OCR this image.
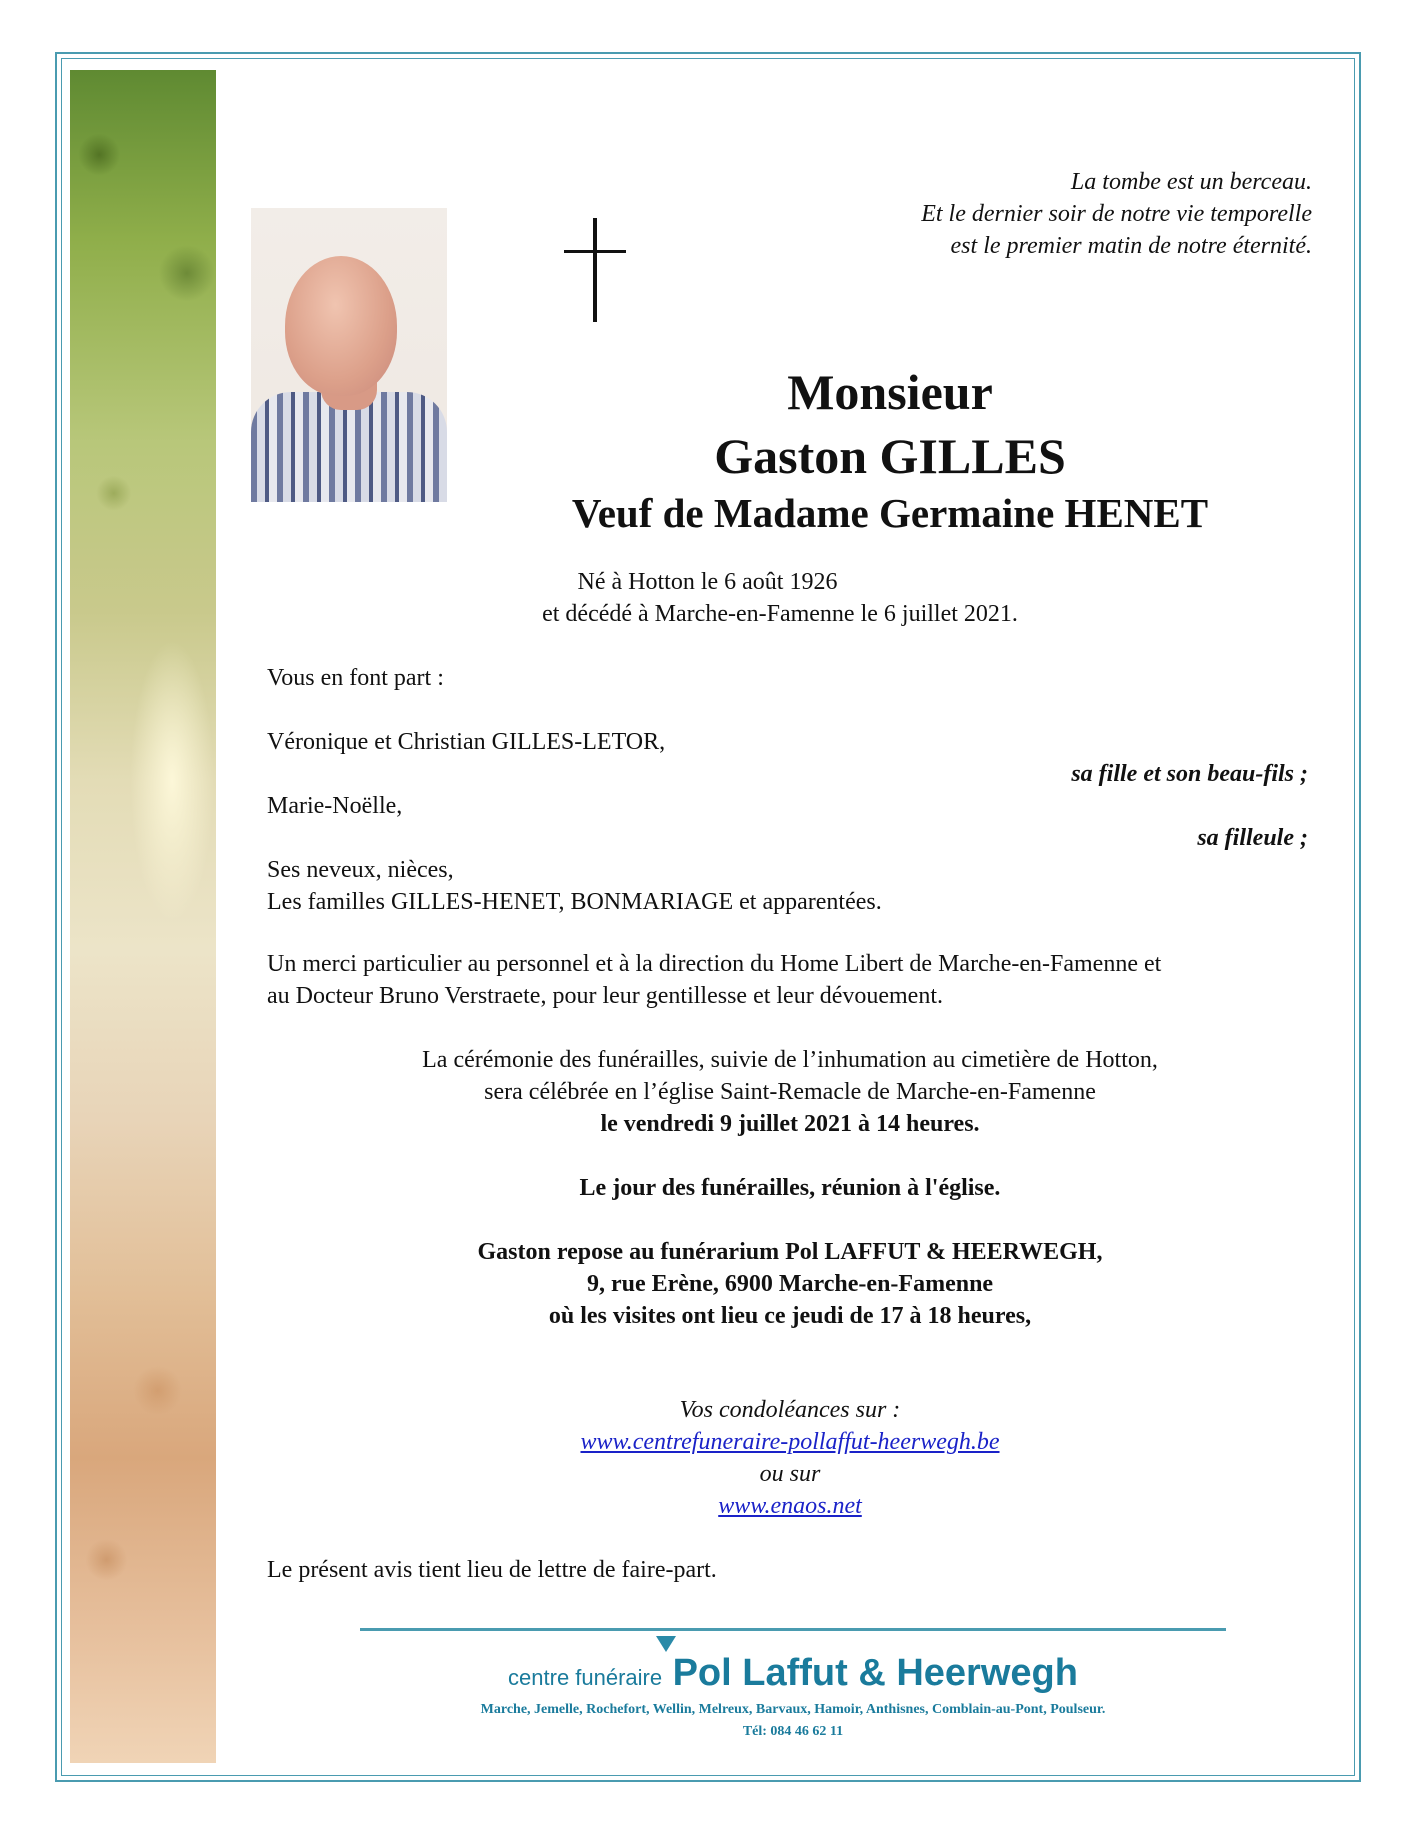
La tombe est un berceau.
Et le dernier soir de notre vie temporelle
est le premier matin de notre éternité.
Monsieur
Gaston GILLES
Veuf de Madame Germaine HENET
Né à Hotton le 6 août 1926
et décédé à Marche-en-Famenne le 6 juillet 2021.
Vous en font part :
Véronique et Christian GILLES-LETOR,
sa fille et son beau-fils ;
Marie-Noëlle,
sa filleule ;
Ses neveux, nièces,
Les familles GILLES-HENET, BONMARIAGE et apparentées.
Un merci particulier au personnel et à la direction du Home Libert de Marche-en-Famenne et
au Docteur Bruno Verstraete, pour leur gentillesse et leur dévouement.
La cérémonie des funérailles, suivie de l’inhumation au cimetière de Hotton,
sera célébrée en l’église Saint-Remacle de Marche-en-Famenne
le vendredi 9 juillet 2021 à 14 heures.
Le jour des funérailles, réunion à l'église.
Gaston repose au funérarium Pol LAFFUT & HEERWEGH,
9, rue Erène, 6900 Marche-en-Famenne
où les visites ont lieu ce jeudi de 17 à 18 heures,
Vos condoléances sur :
www.centrefuneraire-pollaffut-heerwegh.be
ou sur
www.enaos.net
Le présent avis tient lieu de lettre de faire-part.
centre funéraire Pol Laffut & Heerwegh
Marche, Jemelle, Rochefort, Wellin, Melreux, Barvaux, Hamoir, Anthisnes, Comblain-au-Pont, Poulseur.
Tél: 084 46 62 11
